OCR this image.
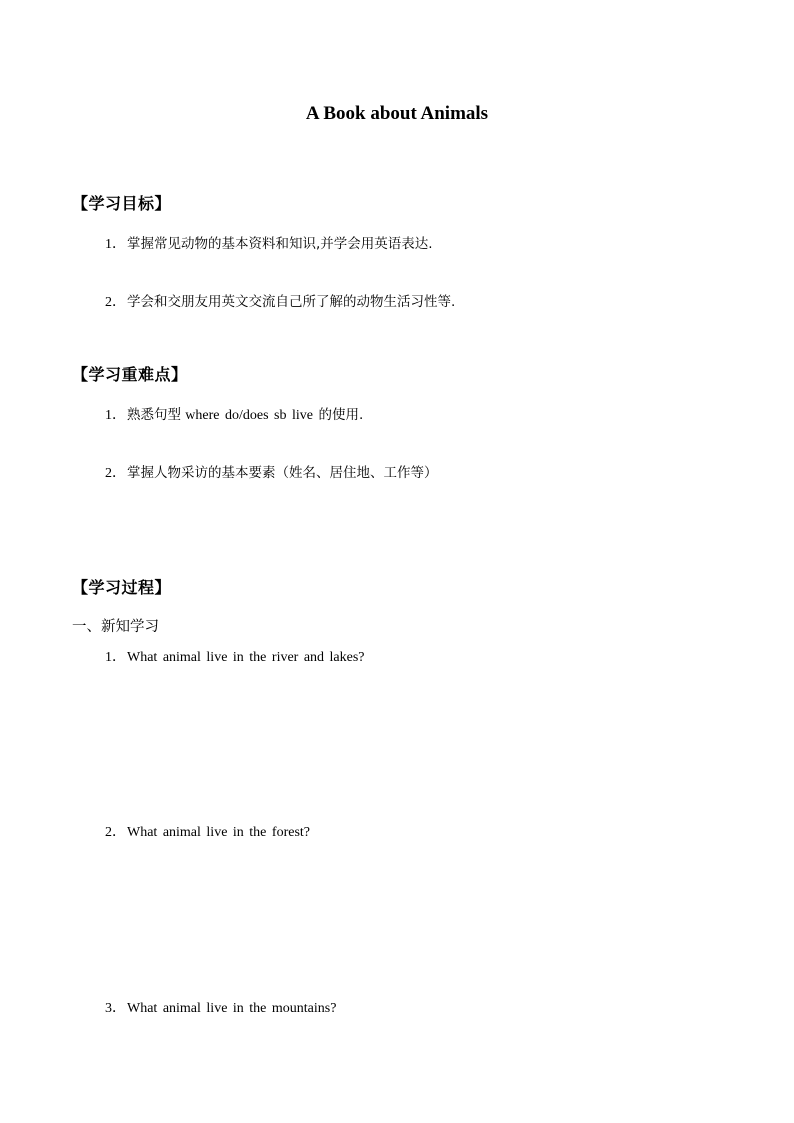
A Book about Animals
【学习目标】
1．掌握常见动物的基本资料和知识,并学会用英语表达.
2．学会和交朋友用英文交流自己所了解的动物生活习性等.
【学习重难点】
1．熟悉句型 where do/does sb live 的使用.
2．掌握人物采访的基本要素（姓名、居住地、工作等）
【学习过程】
一、新知学习
1．What animal live in the river and lakes?
2．What animal live in the forest?
3．What animal live in the mountains?
